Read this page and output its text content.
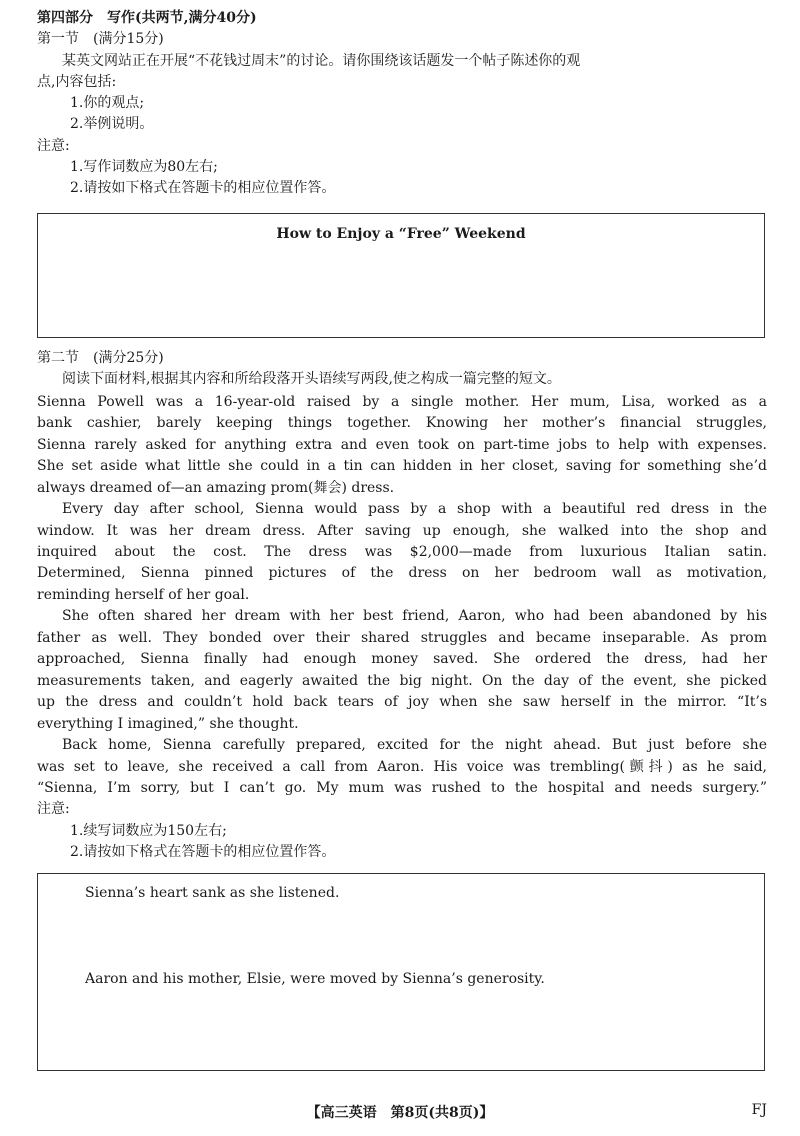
第四部分　写作(共两节,满分40分)
第一节　(满分15分)
某英文网站正在开展“不花钱过周末”的讨论。请你围绕该话题发一个帖子陈述你的观
点,内容包括:
1.你的观点;
2.举例说明。
注意:
1.写作词数应为80左右;
2.请按如下格式在答题卡的相应位置作答。
How to Enjoy a “Free” Weekend
第二节　(满分25分)
阅读下面材料,根据其内容和所给段落开头语续写两段,使之构成一篇完整的短文。
Sienna Powell was a 16-year-old raised by a single mother. Her mum, Lisa, worked as a
bank cashier, barely keeping things together. Knowing her mother’s financial struggles,
Sienna rarely asked for anything extra and even took on part-time jobs to help with expenses.
She set aside what little she could in a tin can hidden in her closet, saving for something she’d
always dreamed of—an amazing prom(舞会) dress.
Every day after school, Sienna would pass by a shop with a beautiful red dress in the
window. It was her dream dress. After saving up enough, she walked into the shop and
inquired about the cost. The dress was $2,000—made from luxurious Italian satin.
Determined, Sienna pinned pictures of the dress on her bedroom wall as motivation,
reminding herself of her goal.
She often shared her dream with her best friend, Aaron, who had been abandoned by his
father as well. They bonded over their shared struggles and became inseparable. As prom
approached, Sienna finally had enough money saved. She ordered the dress, had her
measurements taken, and eagerly awaited the big night. On the day of the event, she picked
up the dress and couldn’t hold back tears of joy when she saw herself in the mirror. “It’s
everything I imagined,” she thought.
Back home, Sienna carefully prepared, excited for the night ahead. But just before she
was set to leave, she received a call from Aaron. His voice was trembling(颤抖) as he said,
“Sienna, I’m sorry, but I can’t go. My mum was rushed to the hospital and needs surgery.”
注意:
1.续写词数应为150左右;
2.请按如下格式在答题卡的相应位置作答。
Sienna’s heart sank as she listened.
Aaron and his mother, Elsie, were moved by Sienna’s generosity.
【高三英语　第8页(共8页)】	FJ
